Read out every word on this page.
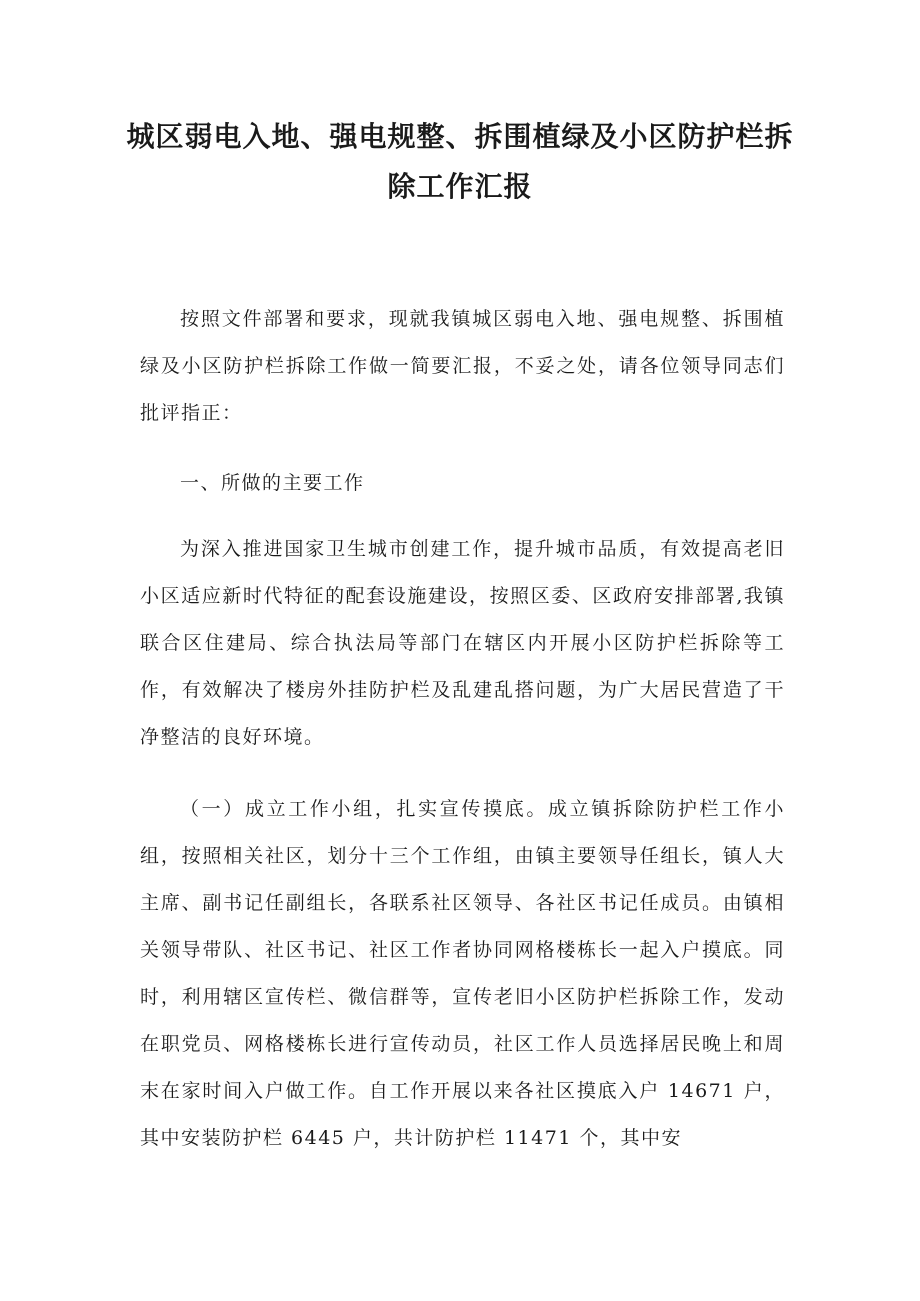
城区弱电入地、强电规整、拆围植绿及小区防护栏拆除工作汇报

按照文件部署和要求，现就我镇城区弱电入地、强电规整、拆围植绿及小区防护栏拆除工作做一简要汇报，不妥之处，请各位领导同志们批评指正：

一、所做的主要工作

为深入推进国家卫生城市创建工作，提升城市品质，有效提高老旧小区适应新时代特征的配套设施建设，按照区委、区政府安排部署,我镇联合区住建局、综合执法局等部门在辖区内开展小区防护栏拆除等工作，有效解决了楼房外挂防护栏及乱建乱搭问题，为广大居民营造了干净整洁的良好环境。

（一）成立工作小组，扎实宣传摸底。成立镇拆除防护栏工作小组，按照相关社区，划分十三个工作组，由镇主要领导任组长，镇人大主席、副书记任副组长，各联系社区领导、各社区书记任成员。由镇相关领导带队、社区书记、社区工作者协同网格楼栋长一起入户摸底。同时，利用辖区宣传栏、微信群等，宣传老旧小区防护栏拆除工作，发动在职党员、网格楼栋长进行宣传动员，社区工作人员选择居民晚上和周末在家时间入户做工作。自工作开展以来各社区摸底入户 14671 户，其中安装防护栏 6445 户，共计防护栏 11471 个，其中安
